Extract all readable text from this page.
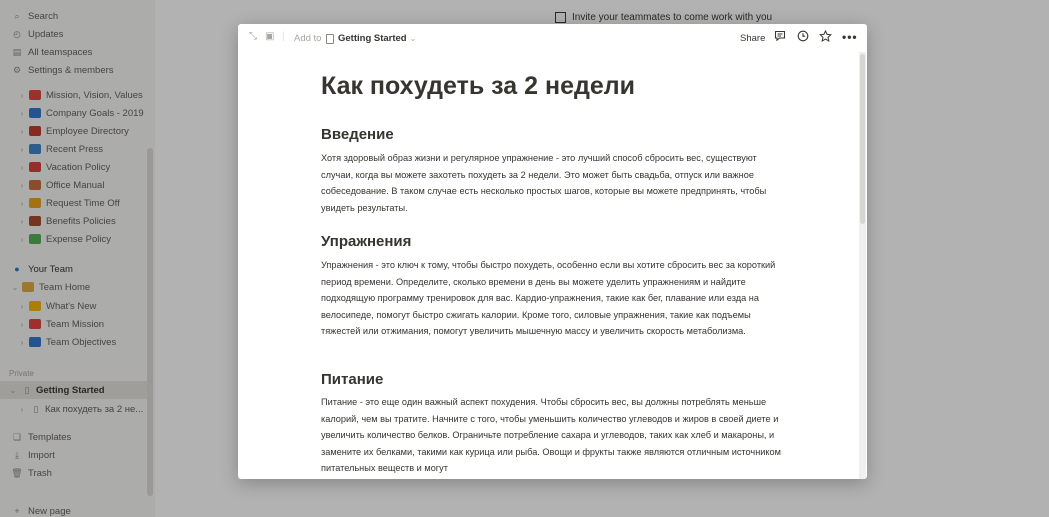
Invite your teammates to come work with you
⌕ Search
◴ Updates
▤ All teamspaces
⚙ Settings & members
›	Mission, Vision, Values
›	Company Goals - 2019
›	Employee Directory
›	Recent Press
›	Vacation Policy
›	Office Manual
›	Request Time Off
›	Benefits Policies
›	Expense Policy
● Your Team
⌄ Team Home
›	What's New
›	Team Mission
›	Team Objectives
Private
⌄ ▯ Getting Started
›	▯ Как похудеть за 2 не...
❏ Templates
⤓ Import
🗑 Trash
+ New page
⤡ ▣ | Add to Getting Started ⌄	Share	•••
Как похудеть за 2 недели
Введение
Хотя здоровый образ жизни и регулярное упражнение - это лучший способ сбросить вес, существуют случаи, когда вы можете захотеть похудеть за 2 недели. Это может быть свадьба, отпуск или важное собеседование. В таком случае есть несколько простых шагов, которые вы можете предпринять, чтобы увидеть результаты.
Упражнения
Упражнения - это ключ к тому, чтобы быстро похудеть, особенно если вы хотите сбросить вес за короткий период времени. Определите, сколько времени в день вы можете уделить упражнениям и найдите подходящую программу тренировок для вас. Кардио-упражнения, такие как бег, плавание или езда на велосипеде, помогут быстро сжигать калории. Кроме того, силовые упражнения, такие как подъемы тяжестей или отжимания, помогут увеличить мышечную массу и увеличить скорость метаболизма.
Питание
Питание - это еще один важный аспект похудения. Чтобы сбросить вес, вы должны потреблять меньше калорий, чем вы тратите. Начните с того, чтобы уменьшить количество углеводов и жиров в своей диете и увеличить количество белков. Ограничьте потребление сахара и углеводов, таких как хлеб и макароны, и замените их белками, такими как курица или рыба. Овощи и фрукты также являются отличным источником питательных веществ и могут
